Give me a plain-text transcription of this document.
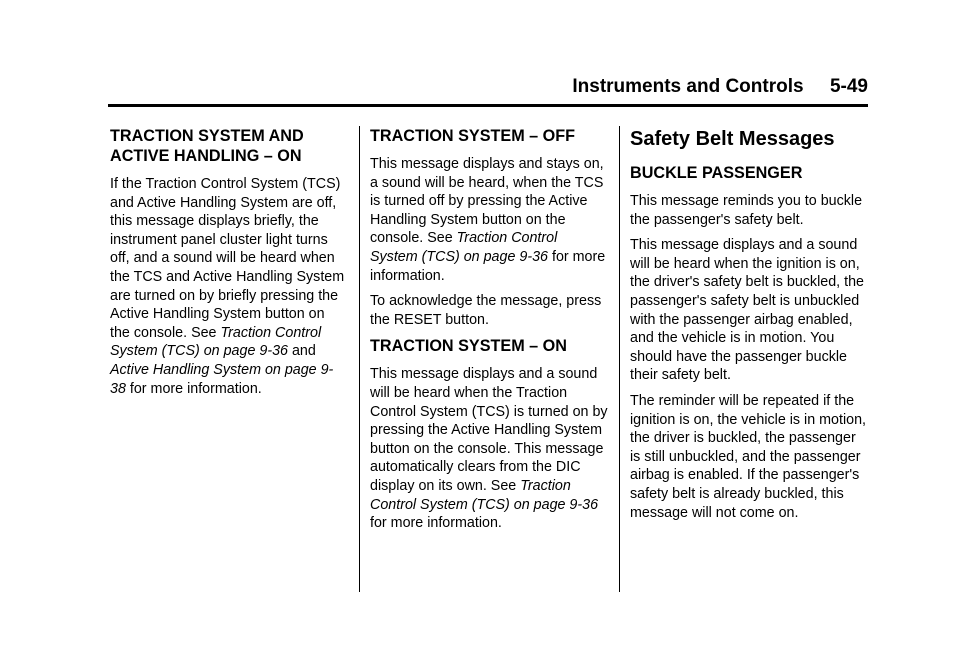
Instruments and Controls 5-49
TRACTION SYSTEM AND
ACTIVE HANDLING – ON

If the Traction Control System (TCS) and Active Handling System are off, this message displays briefly, the instrument panel cluster light turns off, and a sound will be heard when the TCS and Active Handling System are turned on by briefly pressing the Active Handling System button on the console. See Traction Control System (TCS) on page 9-36 and Active Handling System on page 9-38 for more information.

TRACTION SYSTEM – OFF

This message displays and stays on, a sound will be heard, when the TCS is turned off by pressing the Active Handling System button on the console. See Traction Control System (TCS) on page 9-36 for more information.

To acknowledge the message, press the RESET button.

TRACTION SYSTEM – ON

This message displays and a sound will be heard when the Traction Control System (TCS) is turned on by pressing the Active Handling System button on the console. This message automatically clears from the DIC display on its own. See Traction Control System (TCS) on page 9-36 for more information.

Safety Belt Messages
BUCKLE PASSENGER

This message reminds you to buckle the passenger's safety belt.

This message displays and a sound will be heard when the ignition is on, the driver's safety belt is buckled, the passenger's safety belt is unbuckled with the passenger airbag enabled, and the vehicle is in motion. You should have the passenger buckle their safety belt.

The reminder will be repeated if the ignition is on, the vehicle is in motion, the driver is buckled, the passenger is still unbuckled, and the passenger airbag is enabled. If the passenger's safety belt is already buckled, this message will not come on.
